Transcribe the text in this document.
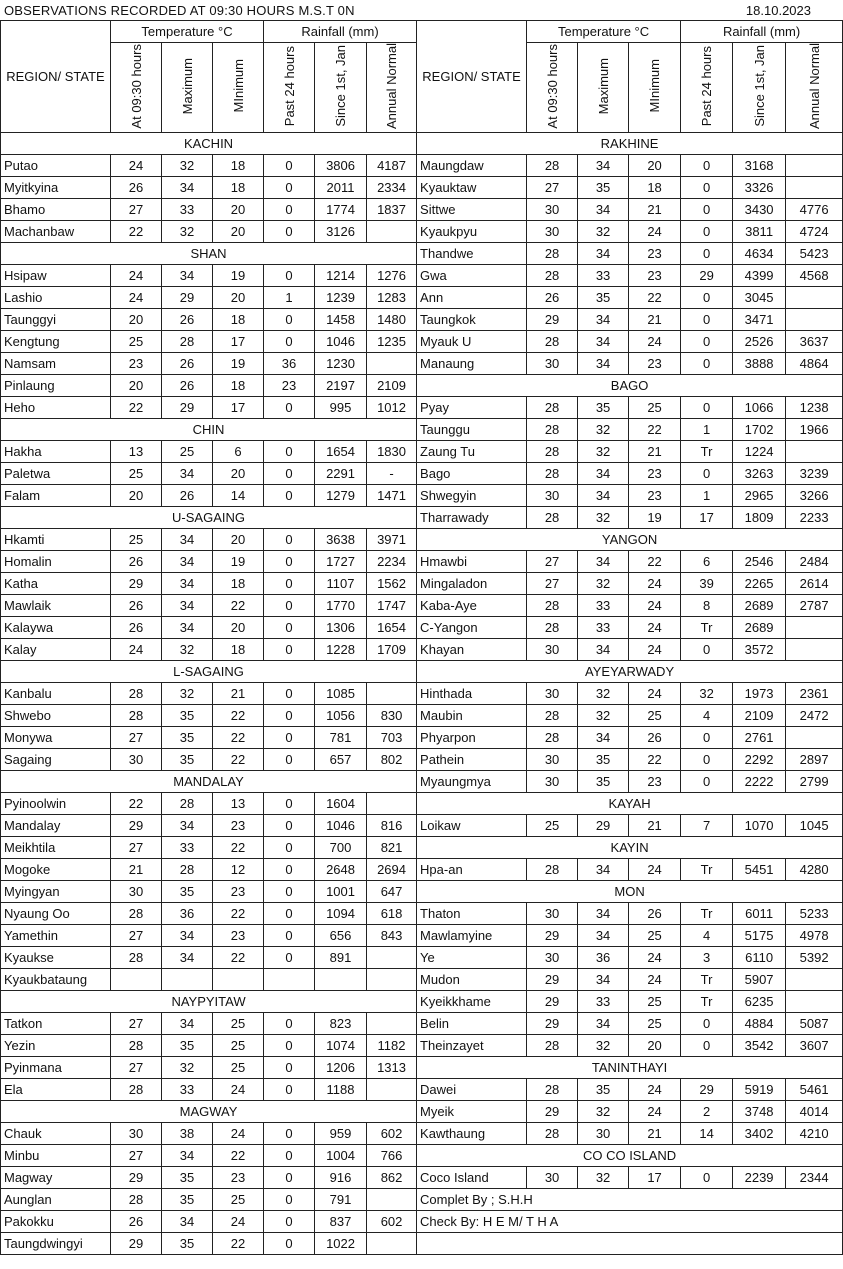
OBSERVATIONS RECORDED AT 09:30 HOURS M.S.T 0N	18.10.2023
REGION/ STATE	Temperature °C			Rainfall (mm)			REGION/ STATE	Temperature °C			Rainfall (mm)		
	At 09:30 hours	Maximum	MInimum	Past 24 hours	Since 1st, Jan	Annual Normal		At 09:30 hours	Maximum	MInimum	Past 24 hours	Since 1st, Jan	Annual Normal
KACHIN							RAKHINE						
Putao	24	32	18	0	3806	4187	Maungdaw	28	34	20	0	3168	
Myitkyina	26	34	18	0	2011	2334	Kyauktaw	27	35	18	0	3326	
Bhamo	27	33	20	0	1774	1837	Sittwe	30	34	21	0	3430	4776
Machanbaw	22	32	20	0	3126		Kyaukpyu	30	32	24	0	3811	4724
SHAN							Thandwe	28	34	23	0	4634	5423
Hsipaw	24	34	19	0	1214	1276	Gwa	28	33	23	29	4399	4568
Lashio	24	29	20	1	1239	1283	Ann	26	35	22	0	3045	
Taunggyi	20	26	18	0	1458	1480	Taungkok	29	34	21	0	3471	
Kengtung	25	28	17	0	1046	1235	Myauk U	28	34	24	0	2526	3637
Namsam	23	26	19	36	1230		Manaung	30	34	23	0	3888	4864
Pinlaung	20	26	18	23	2197	2109	BAGO						
Heho	22	29	17	0	995	1012	Pyay	28	35	25	0	1066	1238
CHIN							Taunggu	28	32	22	1	1702	1966
Hakha	13	25	6	0	1654	1830	Zaung Tu	28	32	21	Tr	1224	
Paletwa	25	34	20	0	2291	-	Bago	28	34	23	0	3263	3239
Falam	20	26	14	0	1279	1471	Shwegyin	30	34	23	1	2965	3266
U-SAGAING							Tharrawady	28	32	19	17	1809	2233
Hkamti	25	34	20	0	3638	3971	YANGON						
Homalin	26	34	19	0	1727	2234	Hmawbi	27	34	22	6	2546	2484
Katha	29	34	18	0	1107	1562	Mingaladon	27	32	24	39	2265	2614
Mawlaik	26	34	22	0	1770	1747	Kaba-Aye	28	33	24	8	2689	2787
Kalaywa	26	34	20	0	1306	1654	C-Yangon	28	33	24	Tr	2689	
Kalay	24	32	18	0	1228	1709	Khayan	30	34	24	0	3572	
L-SAGAING							AYEYARWADY						
Kanbalu	28	32	21	0	1085		Hinthada	30	32	24	32	1973	2361
Shwebo	28	35	22	0	1056	830	Maubin	28	32	25	4	2109	2472
Monywa	27	35	22	0	781	703	Phyarpon	28	34	26	0	2761	
Sagaing	30	35	22	0	657	802	Pathein	30	35	22	0	2292	2897
MANDALAY							Myaungmya	30	35	23	0	2222	2799
Pyinoolwin	22	28	13	0	1604		KAYAH						
Mandalay	29	34	23	0	1046	816	Loikaw	25	29	21	7	1070	1045
Meikhtila	27	33	22	0	700	821	KAYIN						
Mogoke	21	28	12	0	2648	2694	Hpa-an	28	34	24	Tr	5451	4280
Myingyan	30	35	23	0	1001	647	MON						
Nyaung Oo	28	36	22	0	1094	618	Thaton	30	34	26	Tr	6011	5233
Yamethin	27	34	23	0	656	843	Mawlamyine	29	34	25	4	5175	4978
Kyaukse	28	34	22	0	891		Ye	30	36	24	3	6110	5392
Kyaukbataung							Mudon	29	34	24	Tr	5907	
NAYPYITAW							Kyeikkhame	29	33	25	Tr	6235	
Tatkon	27	34	25	0	823		Belin	29	34	25	0	4884	5087
Yezin	28	35	25	0	1074	1182	Theinzayet	28	32	20	0	3542	3607
Pyinmana	27	32	25	0	1206	1313	TANINTHAYI						
Ela	28	33	24	0	1188		Dawei	28	35	24	29	5919	5461
MAGWAY							Myeik	29	32	24	2	3748	4014
Chauk	30	38	24	0	959	602	Kawthaung	28	30	21	14	3402	4210
Minbu	27	34	22	0	1004	766	CO CO ISLAND						
Magway	29	35	23	0	916	862	Coco Island	30	32	17	0	2239	2344
Aunglan	28	35	25	0	791		Complet By ; S.H.H						
Pakokku	26	34	24	0	837	602	Check By: H E M/ T H A						
Taungdwingyi	29	35	22	0	1022								
